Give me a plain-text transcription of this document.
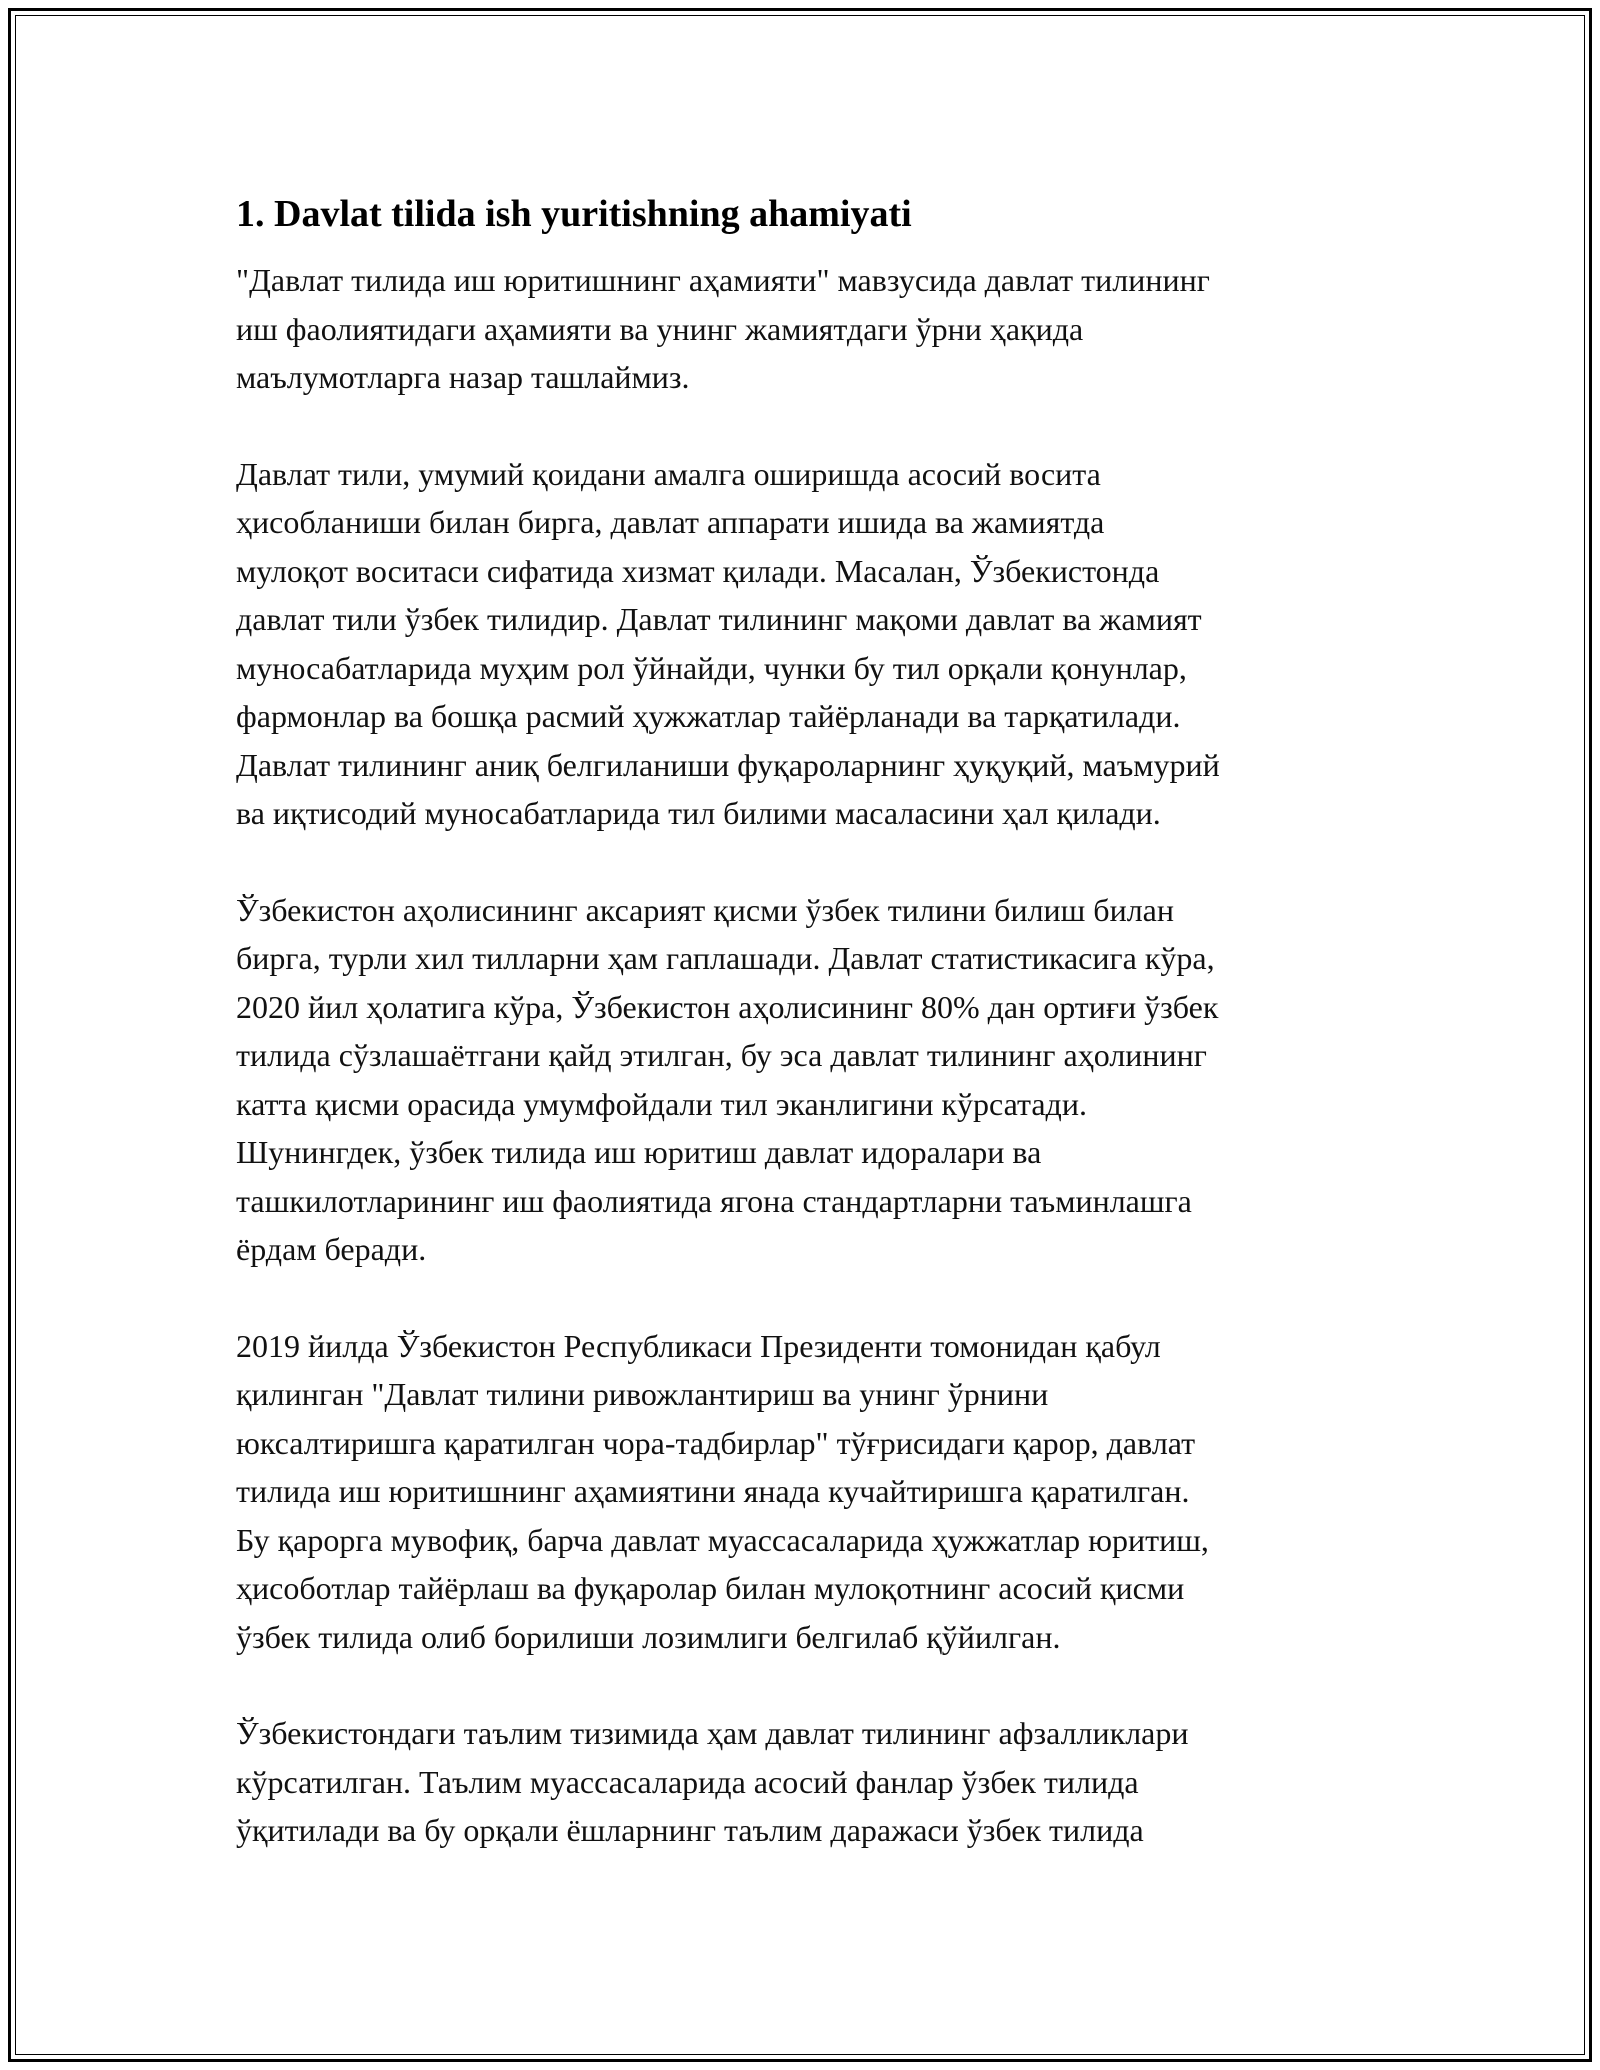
1. Davlat tilida ish yuritishning ahamiyati

"Давлат тилида иш юритишнинг аҳамияти" мавзусида давлат тилининг
иш фаолиятидаги аҳамияти ва унинг жамиятдаги ўрни ҳақида
маълумотларга назар ташлаймиз.

Давлат тили, умумий қоидани амалга оширишда асосий восита
ҳисобланиши билан бирга, давлат аппарати ишида ва жамиятда
мулоқот воситаси сифатида хизмат қилади. Масалан, Ўзбекистонда
давлат тили ўзбек тилидир. Давлат тилининг мақоми давлат ва жамият
муносабатларида муҳим рол ўйнайди, чунки бу тил орқали қонунлар,
фармонлар ва бошқа расмий ҳужжатлар тайёрланади ва тарқатилади.
Давлат тилининг аниқ белгиланиши фуқароларнинг ҳуқуқий, маъмурий
ва иқтисодий муносабатларида тил билими масаласини ҳал қилади.

Ўзбекистон аҳолисининг аксарият қисми ўзбек тилини билиш билан
бирга, турли хил тилларни ҳам гаплашади. Давлат статистикасига кўра,
2020 йил ҳолатига кўра, Ўзбекистон аҳолисининг 80% дан ортиғи ўзбек
тилида сўзлашаётгани қайд этилган, бу эса давлат тилининг аҳолининг
катта қисми орасида умумфойдали тил эканлигини кўрсатади.
Шунингдек, ўзбек тилида иш юритиш давлат идоралари ва
ташкилотларининг иш фаолиятида ягона стандартларни таъминлашга
ёрдам беради.

2019 йилда Ўзбекистон Республикаси Президенти томонидан қабул
қилинган "Давлат тилини ривожлантириш ва унинг ўрнини
юксалтиришга қаратилган чора-тадбирлар" тўғрисидаги қарор, давлат
тилида иш юритишнинг аҳамиятини янада кучайтиришга қаратилган.
Бу қарорга мувофиқ, барча давлат муассасаларида ҳужжатлар юритиш,
ҳисоботлар тайёрлаш ва фуқаролар билан мулоқотнинг асосий қисми
ўзбек тилида олиб борилиши лозимлиги белгилаб қўйилган.

Ўзбекистондаги таълим тизимида ҳам давлат тилининг афзалликлари
кўрсатилган. Таълим муассасаларида асосий фанлар ўзбек тилида
ўқитилади ва бу орқали ёшларнинг таълим даражаси ўзбек тилида
